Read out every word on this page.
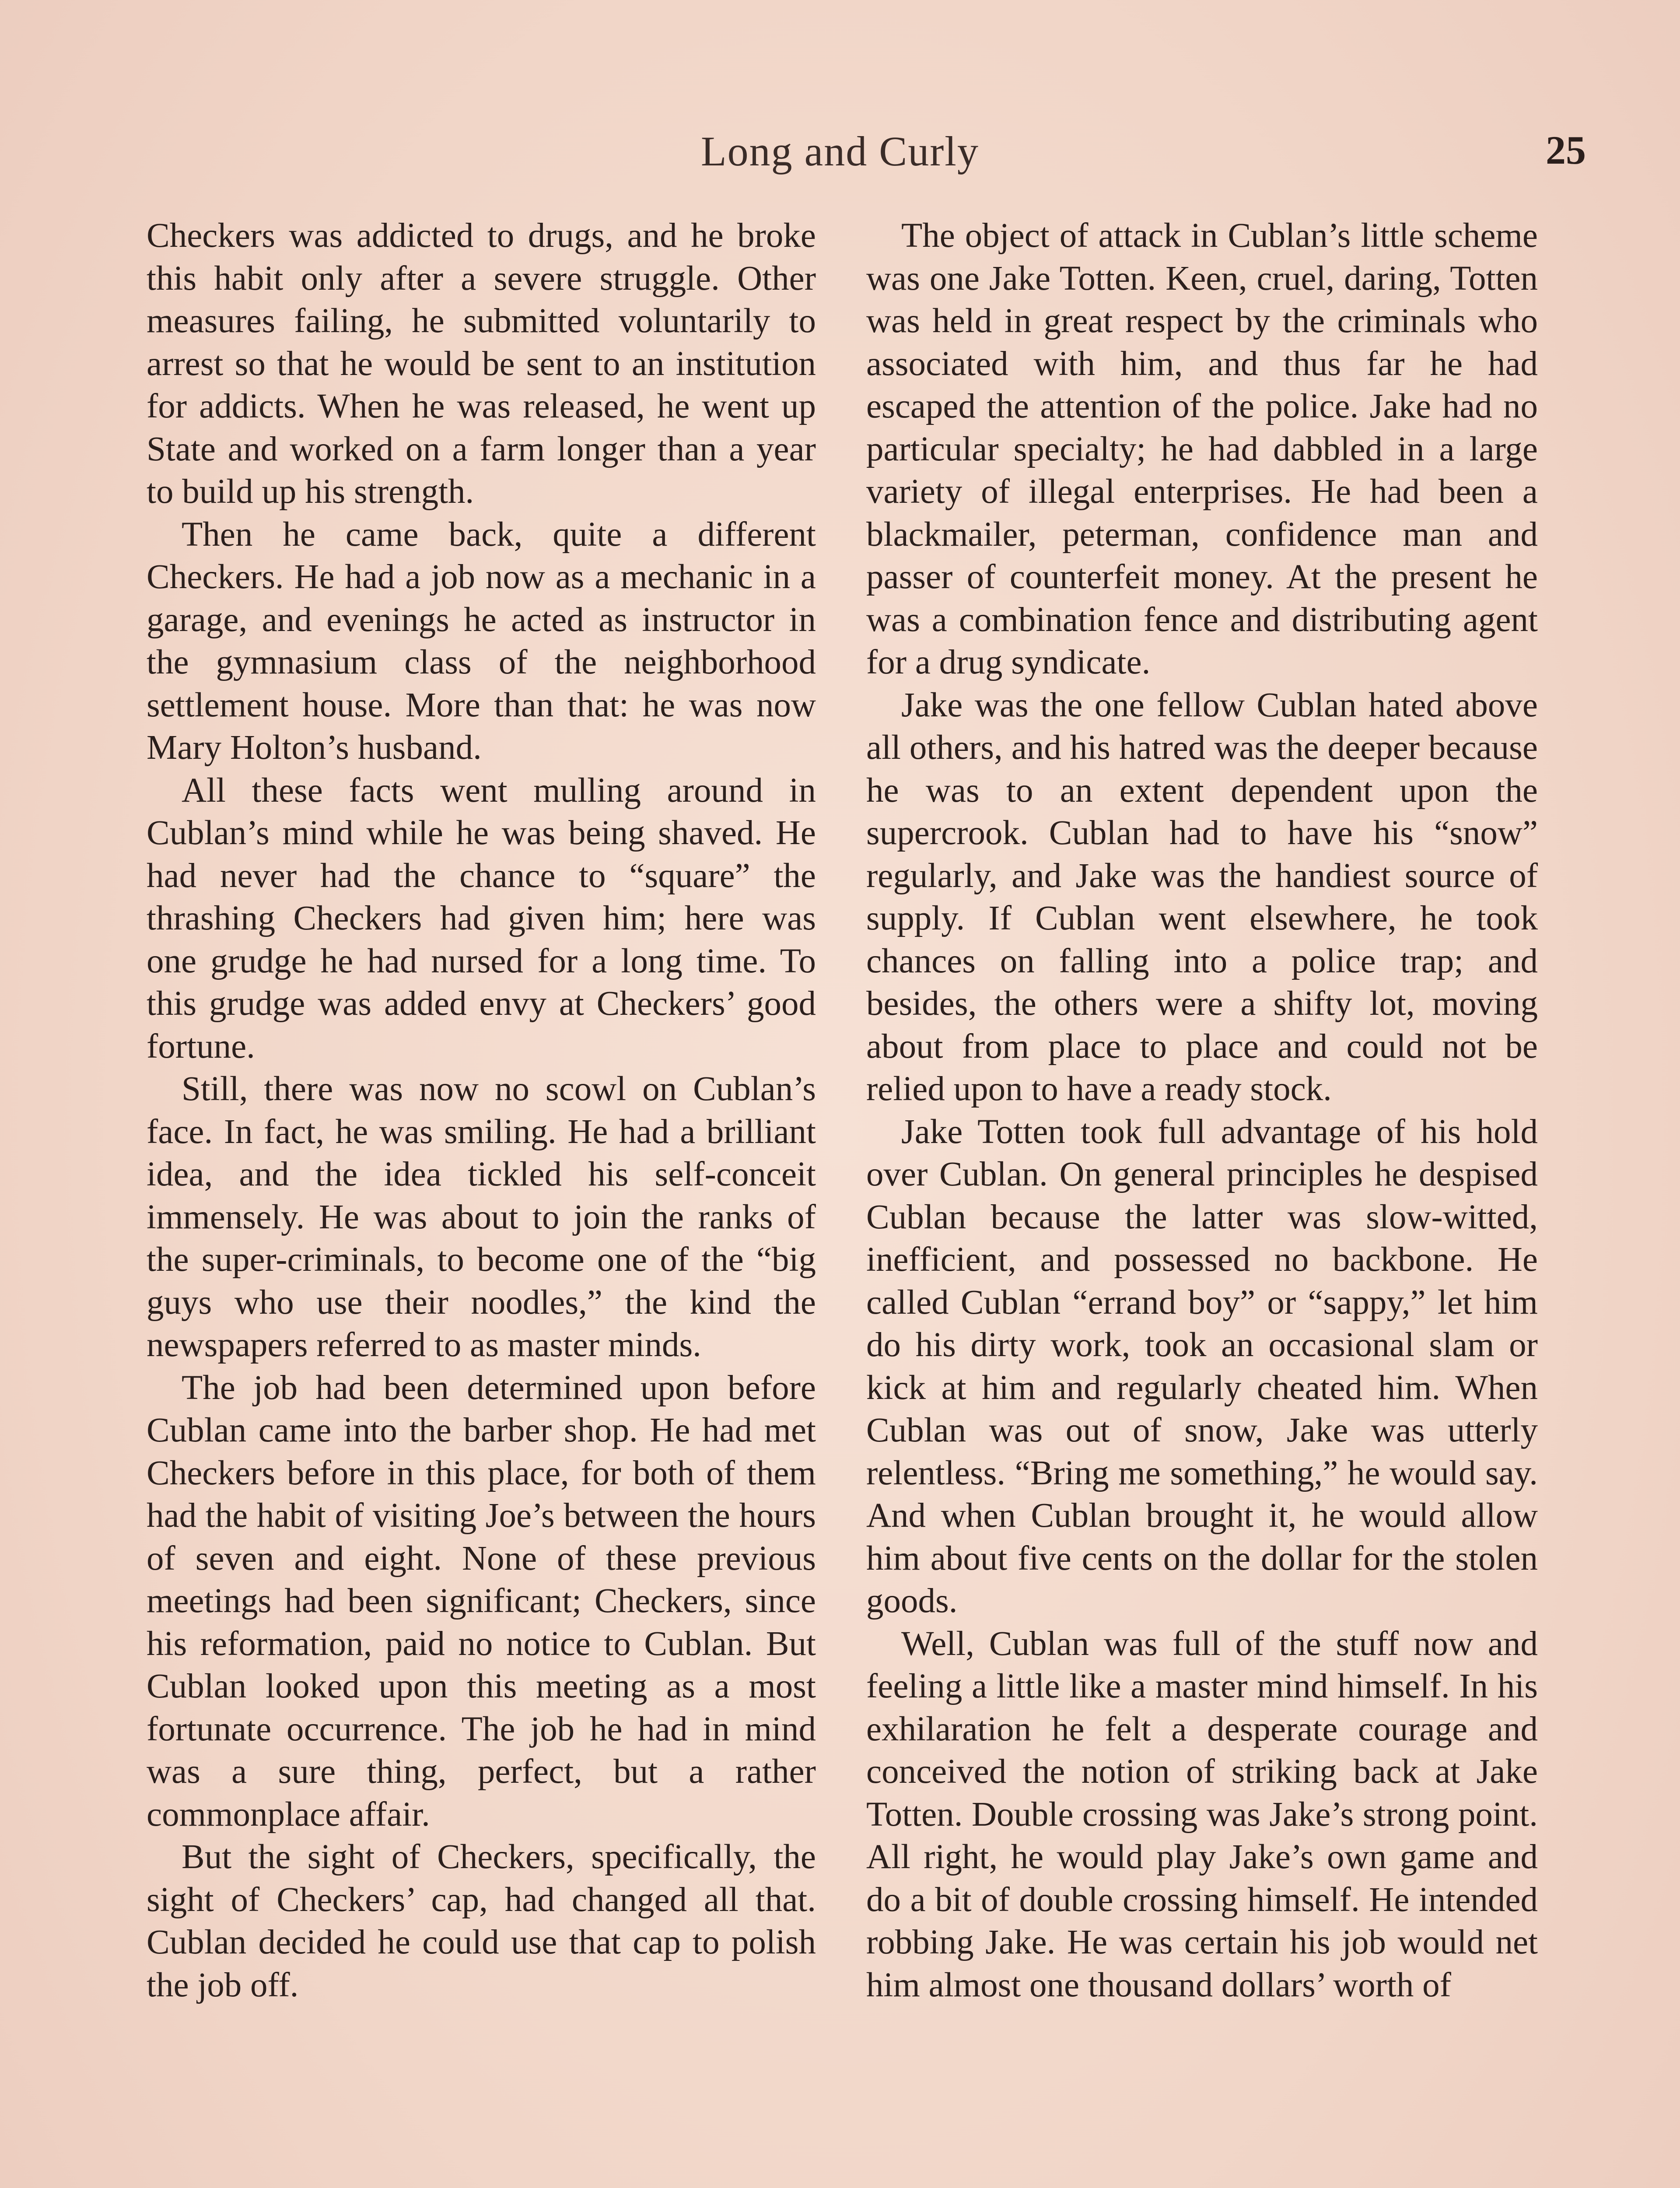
Long and Curly	25

Checkers was addicted to drugs, and he broke this habit only after a severe struggle. Other measures failing, he submitted voluntarily to arrest so that he would be sent to an institution for addicts. When he was released, he went up State and worked on a farm longer than a year to build up his strength.

Then he came back, quite a different Checkers. He had a job now as a mechanic in a garage, and evenings he acted as instructor in the gymnasium class of the neighborhood settlement house. More than that: he was now Mary Holton’s husband.

All these facts went mulling around in Cublan’s mind while he was being shaved. He had never had the chance to “square” the thrashing Checkers had given him; here was one grudge he had nursed for a long time. To this grudge was added envy at Checkers’ good fortune.

Still, there was now no scowl on Cublan’s face. In fact, he was smiling. He had a brilliant idea, and the idea tickled his self-conceit immensely. He was about to join the ranks of the super-criminals, to become one of the “big guys who use their noodles,” the kind the newspapers referred to as master minds.

The job had been determined upon before Cublan came into the barber shop. He had met Checkers before in this place, for both of them had the habit of visiting Joe’s between the hours of seven and eight. None of these previous meetings had been significant; Checkers, since his reformation, paid no notice to Cublan. But Cublan looked upon this meeting as a most fortunate occurrence. The job he had in mind was a sure thing, perfect, but a rather commonplace affair.

But the sight of Checkers, specifically, the sight of Checkers’ cap, had changed all that. Cublan decided he could use that cap to polish the job off.

The object of attack in Cublan’s little scheme was one Jake Totten. Keen, cruel, daring, Totten was held in great respect by the criminals who associated with him, and thus far he had escaped the attention of the police. Jake had no particular specialty; he had dabbled in a large variety of illegal enterprises. He had been a blackmailer, peterman, confidence man and passer of counterfeit money. At the present he was a combination fence and distributing agent for a drug syndicate.

Jake was the one fellow Cublan hated above all others, and his hatred was the deeper because he was to an extent dependent upon the supercrook. Cublan had to have his “snow” regularly, and Jake was the handiest source of supply. If Cublan went elsewhere, he took chances on falling into a police trap; and besides, the others were a shifty lot, moving about from place to place and could not be relied upon to have a ready stock.

Jake Totten took full advantage of his hold over Cublan. On general principles he despised Cublan because the latter was slow-witted, inefficient, and possessed no backbone. He called Cublan “errand boy” or “sappy,” let him do his dirty work, took an occasional slam or kick at him and regularly cheated him. When Cublan was out of snow, Jake was utterly relentless. “Bring me something,” he would say. And when Cublan brought it, he would allow him about five cents on the dollar for the stolen goods.

Well, Cublan was full of the stuff now and feeling a little like a master mind himself. In his exhilaration he felt a desperate courage and conceived the notion of striking back at Jake Totten. Double crossing was Jake’s strong point. All right, he would play Jake’s own game and do a bit of double crossing himself. He intended robbing Jake. He was certain his job would net him almost one thousand dollars’ worth of
